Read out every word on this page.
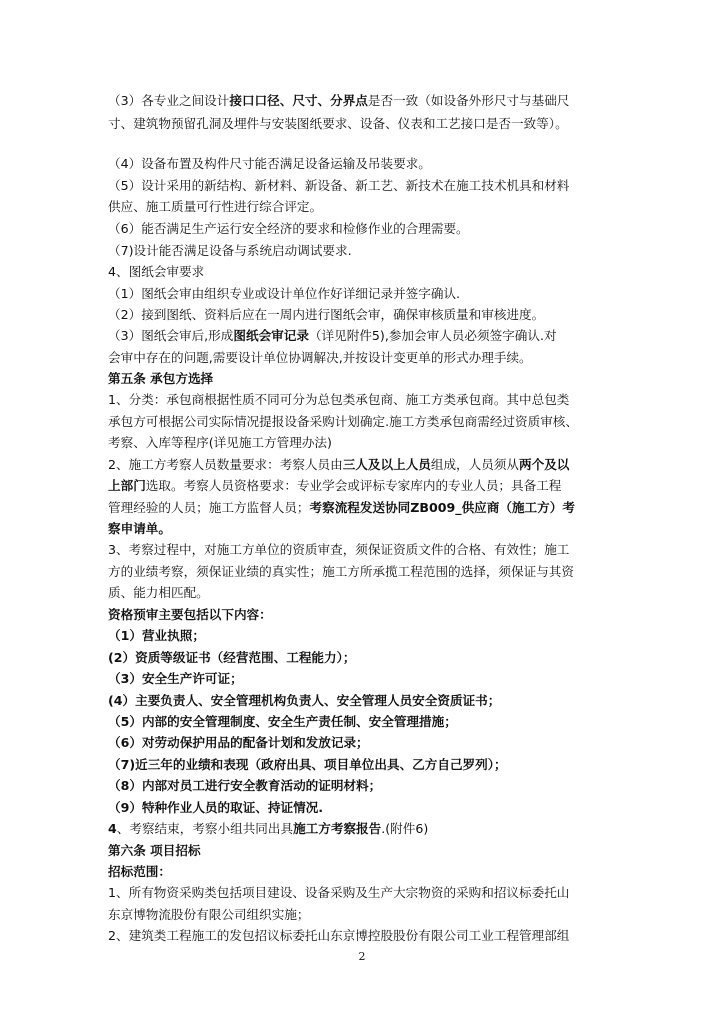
（3）各专业之间设计接口口径、尺寸、分界点是否一致（如设备外形尺寸与基础尺
寸、建筑物预留孔洞及埋件与安装图纸要求、设备、仪表和工艺接口是否一致等）。
（4）设备布置及构件尺寸能否满足设备运输及吊装要求。
（5）设计采用的新结构、新材料、新设备、新工艺、新技术在施工技术机具和材料
供应、施工质量可行性进行综合评定。
（6）能否满足生产运行安全经济的要求和检修作业的合理需要。
（7)设计能否满足设备与系统启动调试要求.
4、图纸会审要求
（1）图纸会审由组织专业或设计单位作好详细记录并签字确认.
（2）接到图纸、资料后应在一周内进行图纸会审，确保审核质量和审核进度。
（3）图纸会审后,形成图纸会审记录（详见附件5),参加会审人员必须签字确认.对
会审中存在的问题,需要设计单位协调解决,并按设计变更单的形式办理手续。
第五条 承包方选择
1、分类：承包商根据性质不同可分为总包类承包商、施工方类承包商。其中总包类
承包方可根据公司实际情况提报设备采购计划确定.施工方类承包商需经过资质审核、
考察、入库等程序(详见施工方管理办法)
2、施工方考察人员数量要求：考察人员由三人及以上人员组成，人员须从两个及以
上部门选取。考察人员资格要求：专业学会或评标专家库内的专业人员；具备工程
管理经验的人员；施工方监督人员；考察流程发送协同ZB009_供应商（施工方）考
察申请单。
3、考察过程中，对施工方单位的资质审查，须保证资质文件的合格、有效性；施工
方的业绩考察，须保证业绩的真实性；施工方所承揽工程范围的选择，须保证与其资
质、能力相匹配。
资格预审主要包括以下内容：
（1）营业执照；
(2）资质等级证书（经营范围、工程能力）；
（3）安全生产许可证；
(4）主要负责人、安全管理机构负责人、安全管理人员安全资质证书；
（5）内部的安全管理制度、安全生产责任制、安全管理措施；
（6）对劳动保护用品的配备计划和发放记录；
（7)近三年的业绩和表现（政府出具、项目单位出具、乙方自己罗列）；
（8）内部对员工进行安全教育活动的证明材料；
（9）特种作业人员的取证、持证情况.
4、考察结束，考察小组共同出具施工方考察报告.(附件6)
第六条 项目招标
招标范围：
1、所有物资采购类包括项目建设、设备采购及生产大宗物资的采购和招议标委托山
东京博物流股份有限公司组织实施；
2、建筑类工程施工的发包招议标委托山东京博控股股份有限公司工业工程管理部组
2
